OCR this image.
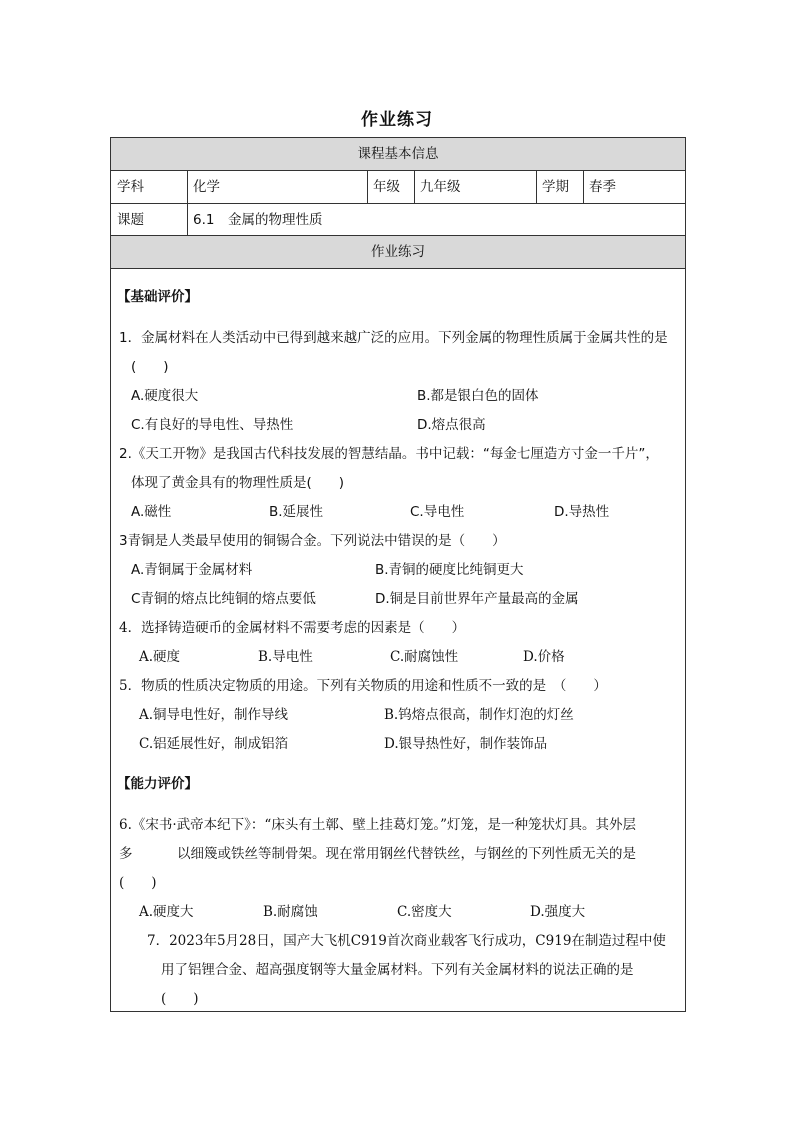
作业练习
课程基本信息
学科	化学	年级 九年级	学期 春季
课题	6.1　金属的物理性质
作业练习
【基础评价】
1．金属材料在人类活动中已得到越来越广泛的应用。下列金属的物理性质属于金属共性的是
(　　)
A.硬度很大	B.都是银白色的固体
C.有良好的导电性、导热性	D.熔点很高
2.《天工开物》是我国古代科技发展的智慧结晶。书中记载：“每金七厘造方寸金一千片”，
体现了黄金具有的物理性质是(　　)
A.磁性	B.延展性	C.导电性	D.导热性
3青铜是人类最早使用的铜锡合金。下列说法中错误的是（　　）
A.青铜属于金属材料	B.青铜的硬度比纯铜更大
C青铜的熔点比纯铜的熔点要低	D.铜是目前世界年产量最高的金属
4．选择铸造硬币的金属材料不需要考虑的因素是（　　）
A.硬度	B.导电性	C.耐腐蚀性	D.价格
5．物质的性质决定物质的用途。下列有关物质的用途和性质不一致的是　（　　）
A.铜导电性好，制作导线	B.钨熔点很高，制作灯泡的灯丝
C.铝延展性好，制成铝箔	D.银导热性好，制作装饰品
【能力评价】
6.《宋书·武帝本纪下》：“床头有土鄣、壁上挂葛灯笼。”灯笼，是一种笼状灯具。其外层
多	以细篾或铁丝等制骨架。现在常用钢丝代替铁丝，与钢丝的下列性质无关的是
(　　)
A.硬度大	B.耐腐蚀	C.密度大	D.强度大
7．2023年5月28日，国产大飞机C919首次商业载客飞行成功，C919在制造过程中使
用了铝锂合金、超高强度钢等大量金属材料。下列有关金属材料的说法正确的是
(　　)
